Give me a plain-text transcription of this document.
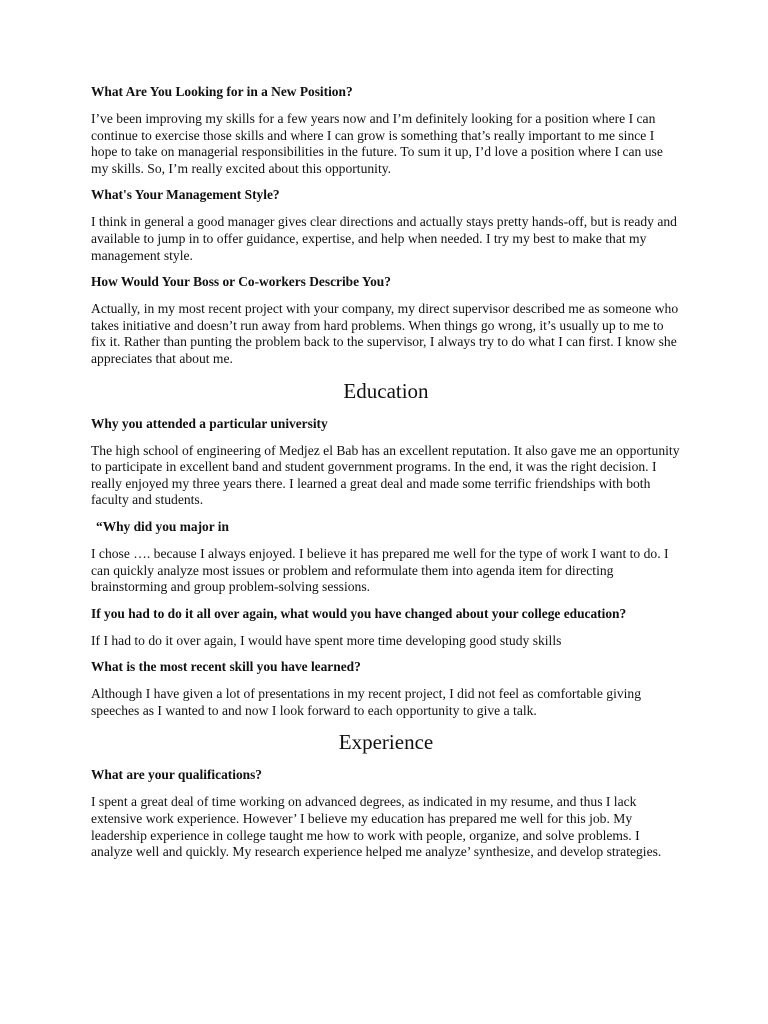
What Are You Looking for in a New Position?

I’ve been improving my skills for a few years now and I’m definitely looking for a position where I can continue to exercise those skills and where I can grow is something that’s really important to me since I hope to take on managerial responsibilities in the future. To sum it up, I’d love a position where I can use my skills. So, I’m really excited about this opportunity.

What's Your Management Style?

I think in general a good manager gives clear directions and actually stays pretty hands-off, but is ready and available to jump in to offer guidance, expertise, and help when needed. I try my best to make that my management style.

How Would Your Boss or Co-workers Describe You?

Actually, in my most recent project with your company, my direct supervisor described me as someone who takes initiative and doesn’t run away from hard problems. When things go wrong, it’s usually up to me to fix it. Rather than punting the problem back to the supervisor, I always try to do what I can first. I know she appreciates that about me.

Education

Why you attended a particular university

The high school of engineering of Medjez el Bab has an excellent reputation. It also gave me an opportunity to participate in excellent band and student government programs. In the end, it was the right decision. I really enjoyed my three years there. I learned a great deal and made some terrific friendships with both faculty and students.

“Why did you major in

I chose …. because I always enjoyed. I believe it has prepared me well for the type of work I want to do. I can quickly analyze most issues or problem and reformulate them into agenda item for directing brainstorming and group problem-solving sessions.

If you had to do it all over again, what would you have changed about your college education?

If I had to do it over again, I would have spent more time developing good study skills

What is the most recent skill you have learned?

Although I have given a lot of presentations in my recent project, I did not feel as comfortable giving speeches as I wanted to and now I look forward to each opportunity to give a talk.

Experience

What are your qualifications?

I spent a great deal of time working on advanced degrees, as indicated in my resume, and thus I lack extensive work experience. However’ I believe my education has prepared me well for this job. My leadership experience in college taught me how to work with people, organize, and solve problems. I analyze well and quickly. My research experience helped me analyze’ synthesize, and develop strategies.
